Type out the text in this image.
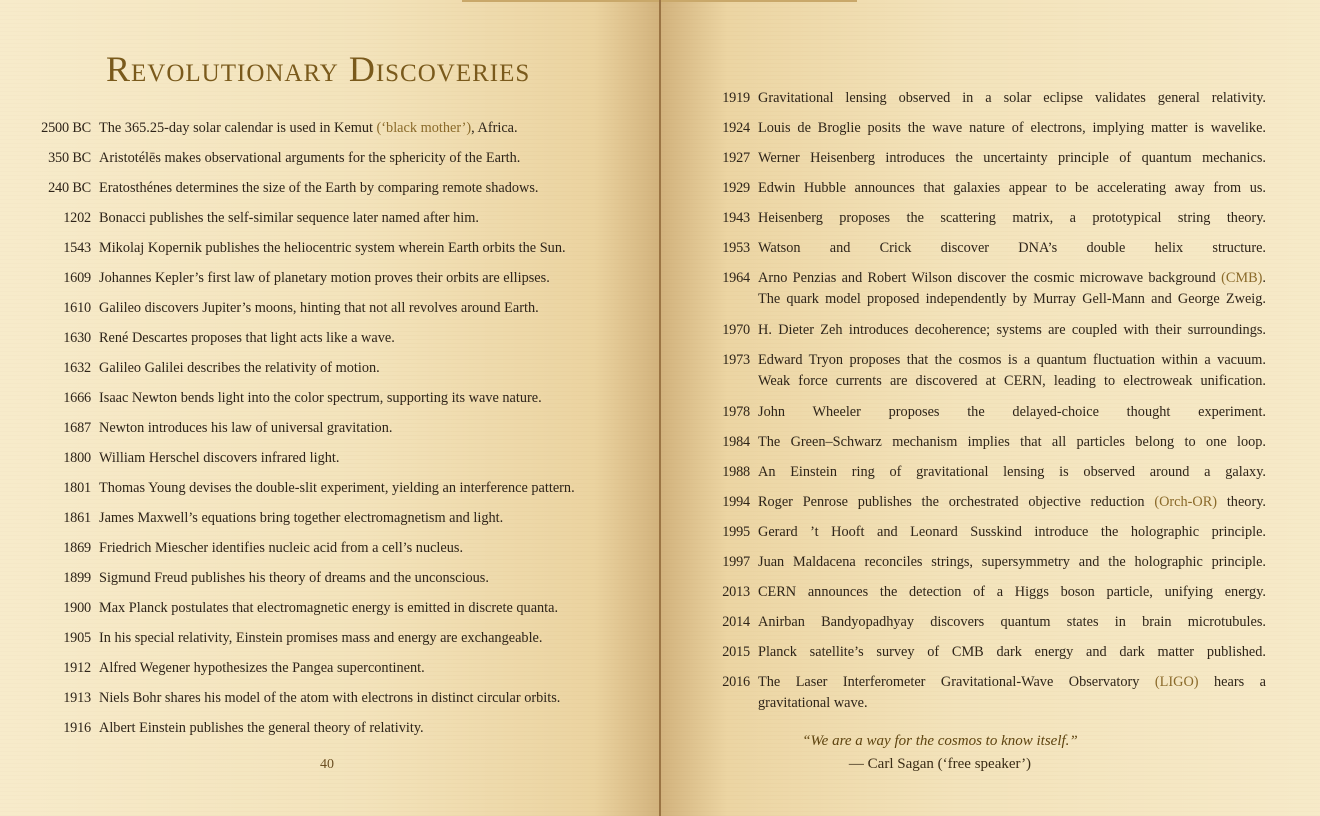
Revolutionary Discoveries
2500 BC The 365.25-day solar calendar is used in Kemut (‘black mother’), Africa.
350 BC Aristotélēs makes observational arguments for the sphericity of the Earth.
240 BC Eratosthénes determines the size of the Earth by comparing remote shadows.
1202 Bonacci publishes the self-similar sequence later named after him.
1543 Mikolaj Kopernik publishes the heliocentric system wherein Earth orbits the Sun.
1609 Johannes Kepler’s first law of planetary motion proves their orbits are ellipses.
1610 Galileo discovers Jupiter’s moons, hinting that not all revolves around Earth.
1630 René Descartes proposes that light acts like a wave.
1632 Galileo Galilei describes the relativity of motion.
1666 Isaac Newton bends light into the color spectrum, supporting its wave nature.
1687 Newton introduces his law of universal gravitation.
1800 William Herschel discovers infrared light.
1801 Thomas Young devises the double-slit experiment, yielding an interference pattern.
1861 James Maxwell’s equations bring together electromagnetism and light.
1869 Friedrich Miescher identifies nucleic acid from a cell’s nucleus.
1899 Sigmund Freud publishes his theory of dreams and the unconscious.
1900 Max Planck postulates that electromagnetic energy is emitted in discrete quanta.
1905 In his special relativity, Einstein promises mass and energy are exchangeable.
1912 Alfred Wegener hypothesizes the Pangea supercontinent.
1913 Niels Bohr shares his model of the atom with electrons in distinct circular orbits.
1916 Albert Einstein publishes the general theory of relativity.
40
1919 Gravitational lensing observed in a solar eclipse validates general relativity.
1924 Louis de Broglie posits the wave nature of electrons, implying matter is wavelike.
1927 Werner Heisenberg introduces the uncertainty principle of quantum mechanics.
1929 Edwin Hubble announces that galaxies appear to be accelerating away from us.
1943 Heisenberg proposes the scattering matrix, a prototypical string theory.
1953 Watson and Crick discover DNA’s double helix structure.
1964 Arno Penzias and Robert Wilson discover the cosmic microwave background (CMB).
The quark model proposed independently by Murray Gell-Mann and George Zweig.
1970 H. Dieter Zeh introduces decoherence; systems are coupled with their surroundings.
1973 Edward Tryon proposes that the cosmos is a quantum fluctuation within a vacuum.
Weak force currents are discovered at CERN, leading to electroweak unification.
1978 John Wheeler proposes the delayed-choice thought experiment.
1984 The Green–Schwarz mechanism implies that all particles belong to one loop.
1988 An Einstein ring of gravitational lensing is observed around a galaxy.
1994 Roger Penrose publishes the orchestrated objective reduction (Orch-OR) theory.
1995 Gerard ’t Hooft and Leonard Susskind introduce the holographic principle.
1997 Juan Maldacena reconciles strings, supersymmetry and the holographic principle.
2013 CERN announces the detection of a Higgs boson particle, unifying energy.
2014 Anirban Bandyopadhyay discovers quantum states in brain microtubules.
2015 Planck satellite’s survey of CMB dark energy and dark matter published.
2016 The Laser Interferometer Gravitational-Wave Observatory (LIGO) hears a
gravitational wave.
“We are a way for the cosmos to know itself.”
— Carl Sagan (‘free speaker’)
